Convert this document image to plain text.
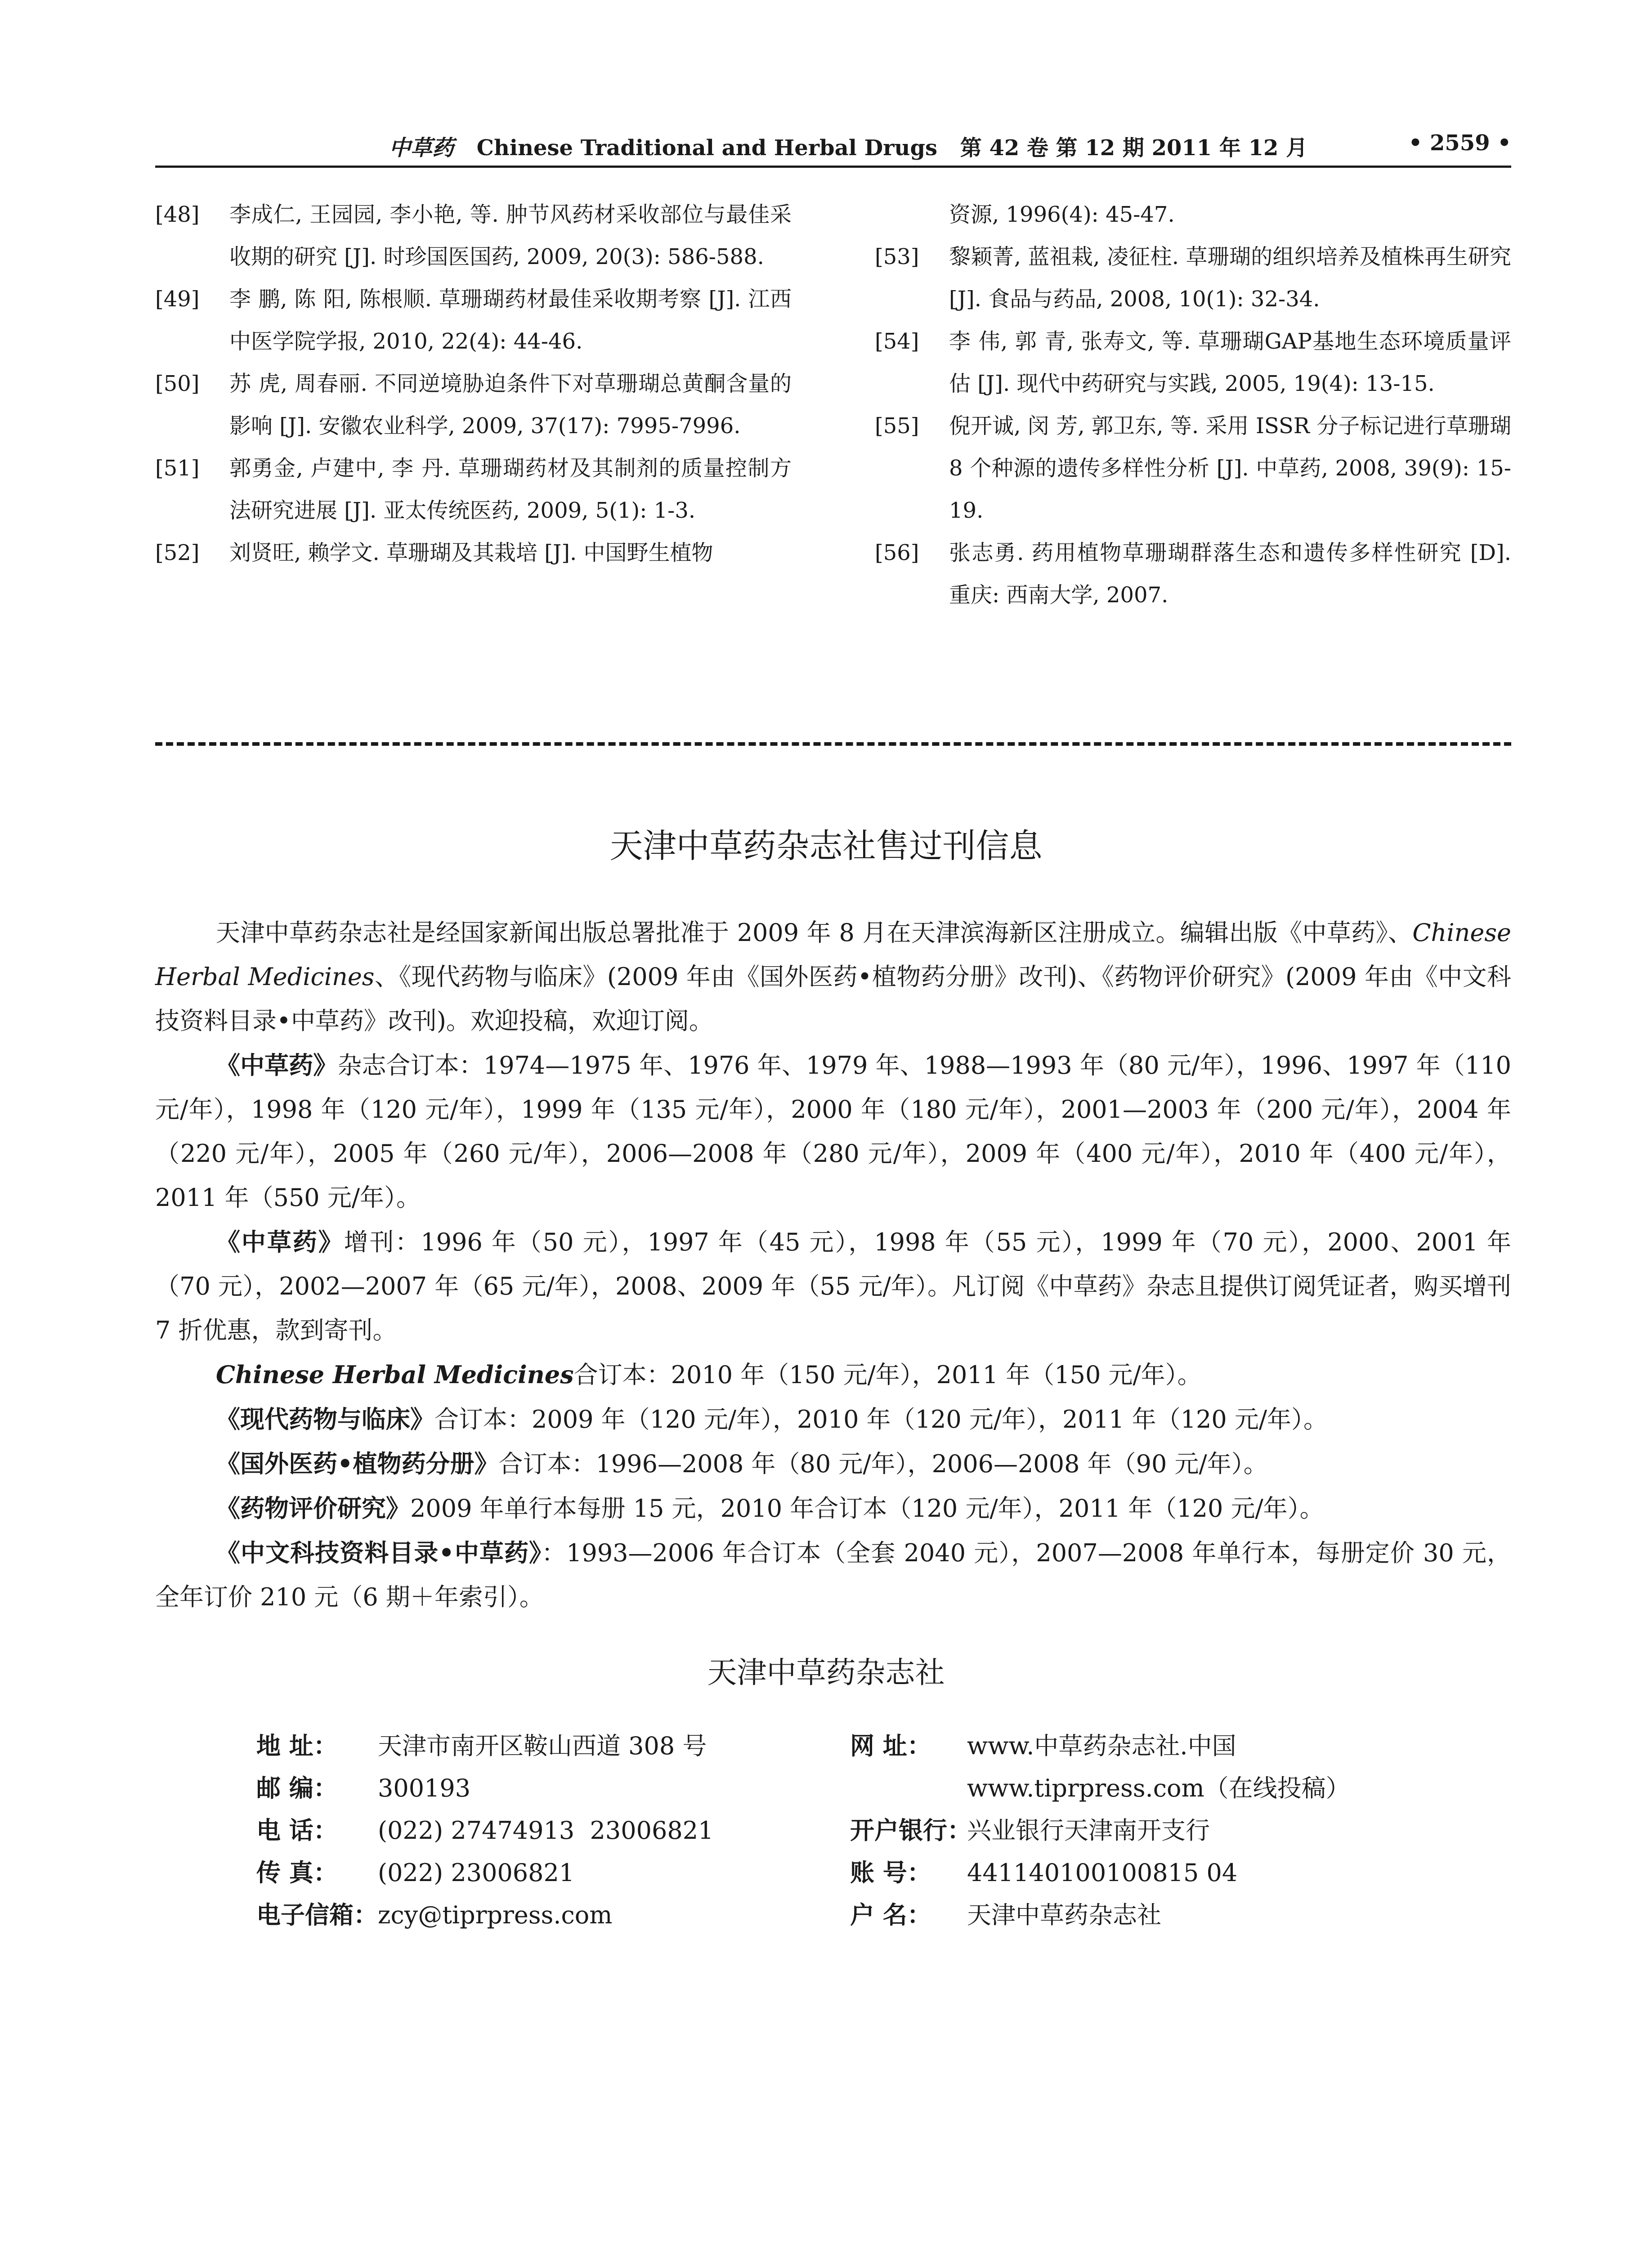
中草药 Chinese Traditional and Herbal Drugs 第 42 卷 第 12 期 2011 年 12 月	• 2559 •
[48] 李成仁, 王园园, 李小艳, 等. 肿节风药材采收部位与最佳采收期的研究 [J]. 时珍国医国药, 2009, 20(3): 586-588.
[49] 李 鹏, 陈 阳, 陈根顺. 草珊瑚药材最佳采收期考察 [J]. 江西中医学院学报, 2010, 22(4): 44-46.
[50] 苏 虎, 周春丽. 不同逆境胁迫条件下对草珊瑚总黄酮含量的影响 [J]. 安徽农业科学, 2009, 37(17): 7995-7996.
[51] 郭勇金, 卢建中, 李 丹. 草珊瑚药材及其制剂的质量控制方法研究进展 [J]. 亚太传统医药, 2009, 5(1): 1-3.
[52] 刘贤旺, 赖学文. 草珊瑚及其栽培 [J]. 中国野生植物
资源, 1996(4): 45-47.
[53] 黎颖菁, 蓝祖栽, 凌征柱. 草珊瑚的组织培养及植株再生研究 [J]. 食品与药品, 2008, 10(1): 32-34.
[54] 李 伟, 郭 青, 张寿文, 等. 草珊瑚GAP基地生态环境质量评估 [J]. 现代中药研究与实践, 2005, 19(4): 13-15.
[55] 倪开诚, 闵 芳, 郭卫东, 等. 采用 ISSR 分子标记进行草珊瑚 8 个种源的遗传多样性分析 [J]. 中草药, 2008, 39(9): 15-19.
[56] 张志勇. 药用植物草珊瑚群落生态和遗传多样性研究 [D]. 重庆: 西南大学, 2007.
天津中草药杂志社售过刊信息

天津中草药杂志社是经国家新闻出版总署批准于 2009 年 8 月在天津滨海新区注册成立。编辑出版《中草药》、Chinese Herbal Medicines、《现代药物与临床》(2009 年由《国外医药•植物药分册》改刊)、《药物评价研究》(2009 年由《中文科技资料目录•中草药》改刊)。欢迎投稿，欢迎订阅。

《中草药》杂志合订本：1974—1975 年、1976 年、1979 年、1988—1993 年（80 元/年），1996、1997 年（110 元/年），1998 年（120 元/年），1999 年（135 元/年），2000 年（180 元/年），2001—2003 年（200 元/年），2004 年（220 元/年），2005 年（260 元/年），2006—2008 年（280 元/年），2009 年（400 元/年），2010 年（400 元/年），2011 年（550 元/年）。

《中草药》增刊：1996 年（50 元），1997 年（45 元），1998 年（55 元），1999 年（70 元），2000、2001 年（70 元），2002—2007 年（65 元/年），2008、2009 年（55 元/年）。凡订阅《中草药》杂志且提供订阅凭证者，购买增刊 7 折优惠，款到寄刊。

Chinese Herbal Medicines合订本：2010 年（150 元/年），2011 年（150 元/年）。

《现代药物与临床》合订本：2009 年（120 元/年），2010 年（120 元/年），2011 年（120 元/年）。

《国外医药•植物药分册》合订本：1996—2008 年（80 元/年），2006—2008 年（90 元/年）。

《药物评价研究》2009 年单行本每册 15 元，2010 年合订本（120 元/年），2011 年（120 元/年）。

《中文科技资料目录•中草药》：1993—2006 年合订本（全套 2040 元），2007—2008 年单行本，每册定价 30 元，全年订价 210 元（6 期＋年索引）。

天津中草药杂志社
地 址： 天津市南开区鞍山西道 308 号
邮 编： 300193
电 话： (022) 27474913  23006821
传 真： (022) 23006821
电子信箱：zcy@tiprpress.com
网 址： www.中草药杂志社.中国
www.tiprpress.com（在线投稿）
开户银行：兴业银行天津南开支行
账 号： 441140100100815 04
户 名： 天津中草药杂志社
